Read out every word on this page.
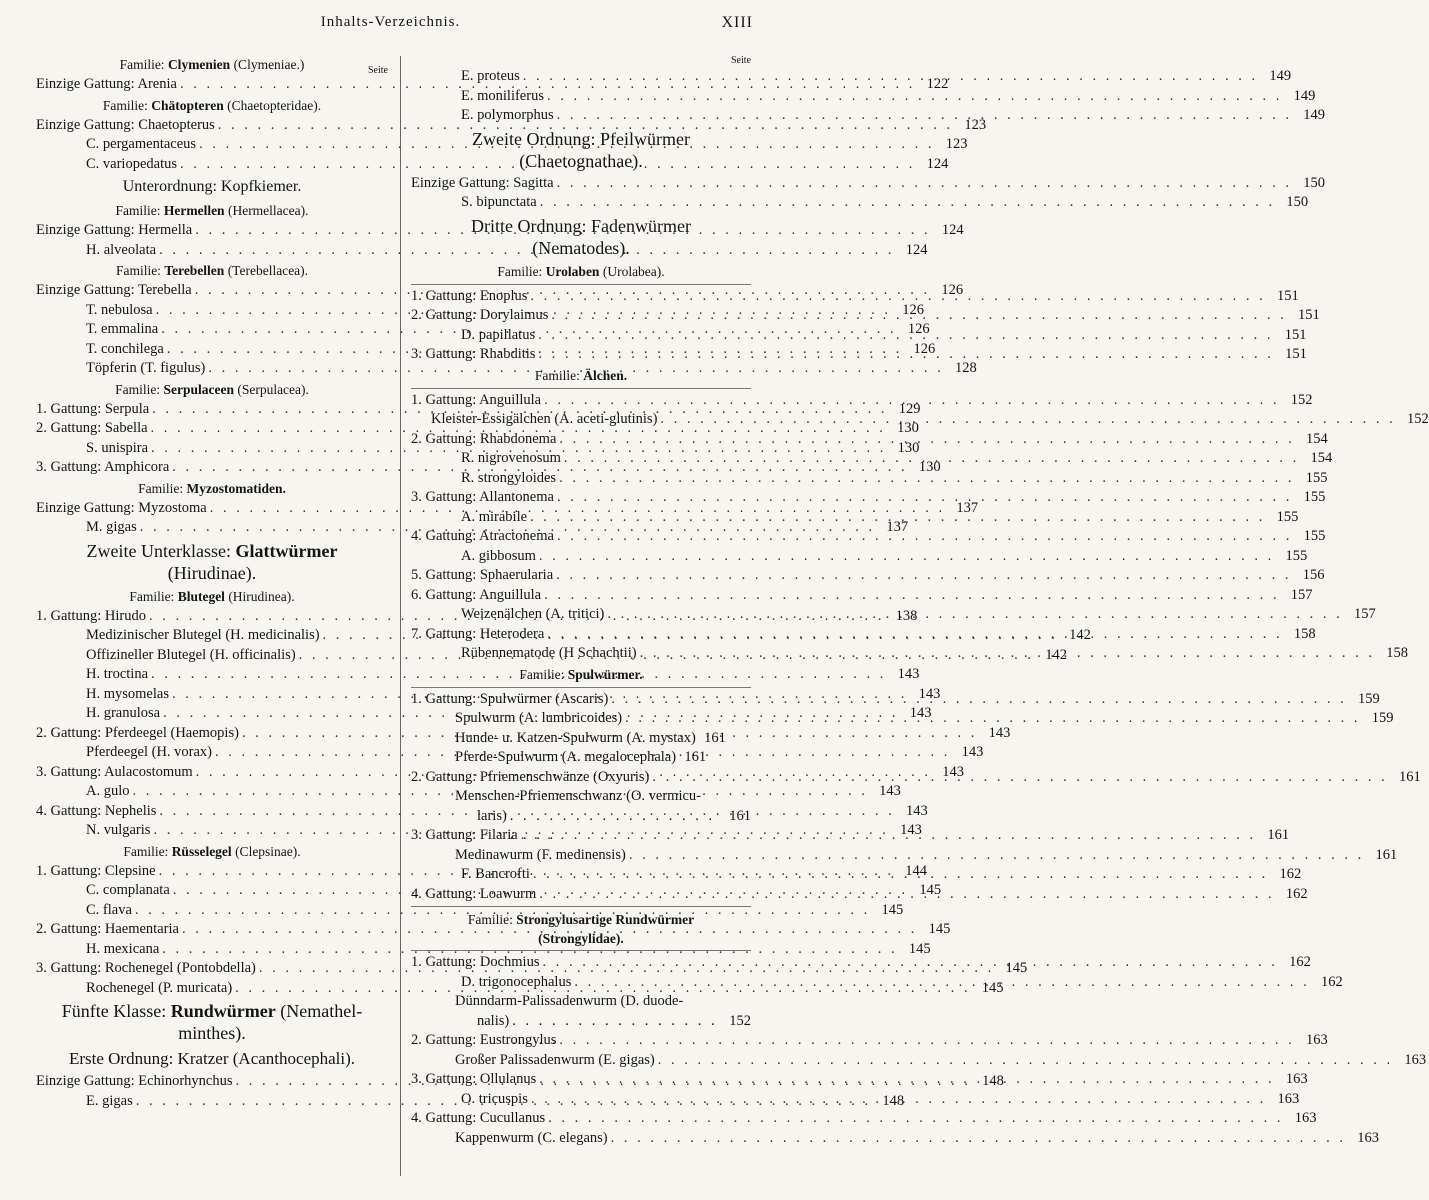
Inhalts-Verzeichnis.	XIII
Familie: Clymenien (Clymeniae.)	Seite
Einzige Gattung: Arenia . . .	122
Familie: Chätopteren (Chaetopteridae).
Einzige Gattung: Chaetopterus . . .	123
C. pergamentaceus . . .	123
C. variopedatus . . .	124
Unterordnung: Kopfkiemer.
Familie: Hermellen (Hermellacea).
Einzige Gattung: Hermella . . .	124
H. alveolata . . .	124
Familie: Terebellen (Terebellacea).
Einzige Gattung: Terebella . . .	126
T. nebulosa . . .	126
T. emmalina . . .	126
T. conchilega . . .	126
Töpferin (T. figulus) . . .	128
Familie: Serpulaceen (Serpulacea).
1. Gattung: Serpula . . .	129
2. Gattung: Sabella . . .	130
S. unispira . . .	130
3. Gattung: Amphicora . . .	130
Familie: Myzostomatiden.
Einzige Gattung: Myzostoma . . .	137
M. gigas . . .	137
Zweite Unterklasse: Glattwürmer
(Hirudinae).
Familie: Blutegel (Hirudinea).
1. Gattung: Hirudo . . .	138
Medizinischer Blutegel (H. medicinalis) . . .	142
Offizineller Blutegel (H. officinalis) . . .	142
H. troctina . . .	143
H. mysomelas . . .	143
H. granulosa . . .	143
2. Gattung: Pferdeegel (Haemopis) . . .	143
Pferdeegel (H. vorax) . . .	143
3. Gattung: Aulacostomum . . .	143
A. gulo . . .	143
4. Gattung: Nephelis . . .	143
N. vulgaris . . .	143
Familie: Rüsselegel (Clepsinae).
1. Gattung: Clepsine . . .	144
C. complanata . . .	145
C. flava . . .	145
2. Gattung: Haementaria . . .	145
H. mexicana . . .	145
3. Gattung: Rochenegel (Pontobdella) . . .	145
Rochenegel (P. muricata) . . .	145
Fünfte Klasse: Rundwürmer (Nemathel-
minthes).
Erste Ordnung: Kratzer (Acanthocephali).
Einzige Gattung: Echinorhynchus . . .	148
E. gigas . . .	148
Seite
E. proteus . . .	149
E. moniliferus . . .	149
E. polymorphus . . .	149
Zweite Ordnung: Pfeilwürmer
(Chaetognathae).
Einzige Gattung: Sagitta . . .	150
S. bipunctata . . .	150
Dritte Ordnung: Fadenwürmer
(Nematodes).
Familie: Urolaben (Urolabea).
1. Gattung: Enoplus . . .	151
2. Gattung: Dorylaimus . . .	151
D. papillatus . . .	151
3. Gattung: Rhabditis . . .	151
Familie: Älchen.
1. Gattung: Anguillula . . .	152
Kleister-Essigälchen (A. aceti-glutinis) . . .	152
2. Gattung: Rhabdonema . . .	154
R. nigrovenosum . . .	154
R. strongyloides . . .	155
3. Gattung: Allantonema . . .	155
A. mirabile . . .	155
4. Gattung: Atractonema . . .	155
A. gibbosum . . .	155
5. Gattung: Sphaerularia . . .	156
6. Gattung: Anguillula . . .	157
Weizenälchen (A. tritici) . . .	157
7. Gattung: Heterodera . . .	158
Rübennematode (H Schachtii) . . .	158
Familie: Spulwürmer.
1. Gattung: Spulwürmer (Ascaris) . . .	159
Spulwurm (A. lumbricoides) . . .	159
Hunde- u. Katzen-Spulwurm (A. mystax) 161
Pferde-Spulwurm (A. megalocephala) 161
2. Gattung: Pfriemenschwänze (Oxyuris) . . .	161
Menschen-Pfriemenschwanz (O. vermicu-
laris) . . .	161
3. Gattung: Filaria . . .	161
Medinawurm (F. medinensis) . . .	161
F. Bancrofti . . .	162
4. Gattung: Loawurm . . .	162
Familie: Strongylusartige Rundwürmer
(Strongylidae).
1. Gattung: Dochmius . . .	162
D. trigonocephalus . . .	162
Dünndarm-Palissadenwurm (D. duode-
nalis) . . .	152
2. Gattung: Eustrongylus . . .	163
Großer Palissadenwurm (E. gigas) . . .	163
3. Gattung: Ollulanus . . .	163
O. tricuspis . . .	163
4. Gattung: Cucullanus . . .	163
Kappenwurm (C. elegans) . . .	163
